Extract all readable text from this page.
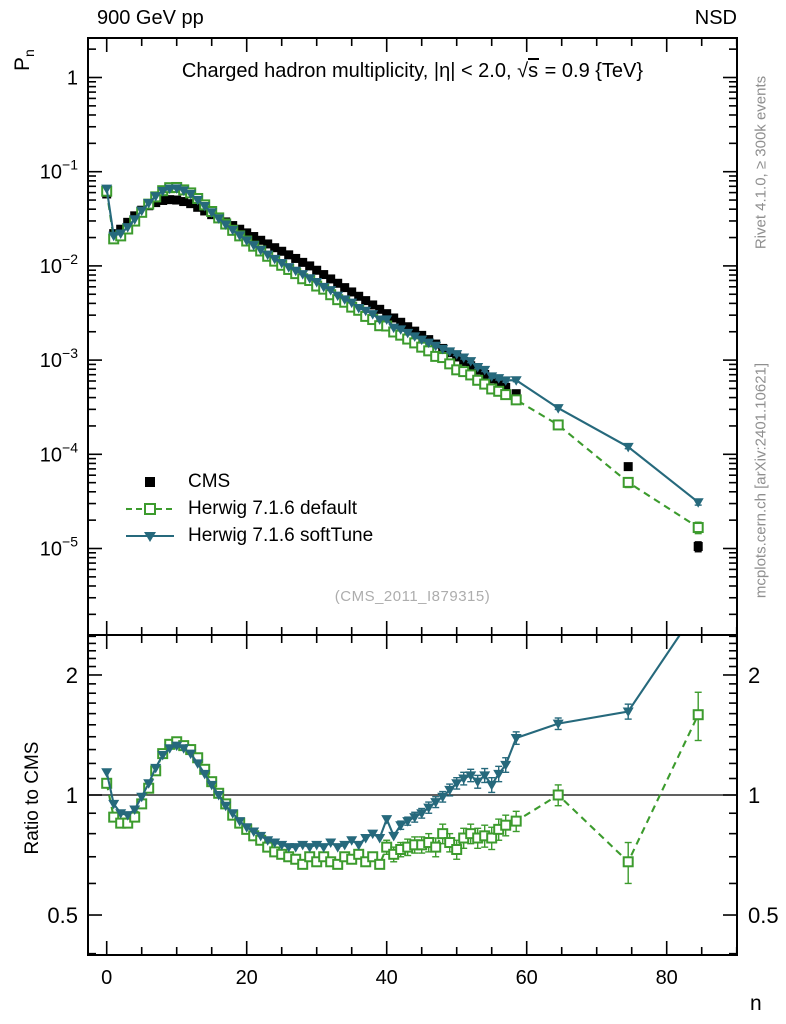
900 GeV pp	NSD
1
$10^{-1}$
$10^{-2}$
$10^{-3}$
$10^{-4}$
$10^{-5}$
2	2
1	1
0.5	0.5
0	20	40	60	80
Charged hadron multiplicity, |η| < 2.0, √s = 0.9 {TeV}
$P_n$
Ratio to CMS
n
Rivet 4.1.0, ≥ 300k events
mcplots.cern.ch [arXiv:2401.10621]
(CMS_2011_I879315)
CMS
Herwig 7.1.6 default
Herwig 7.1.6 softTune
